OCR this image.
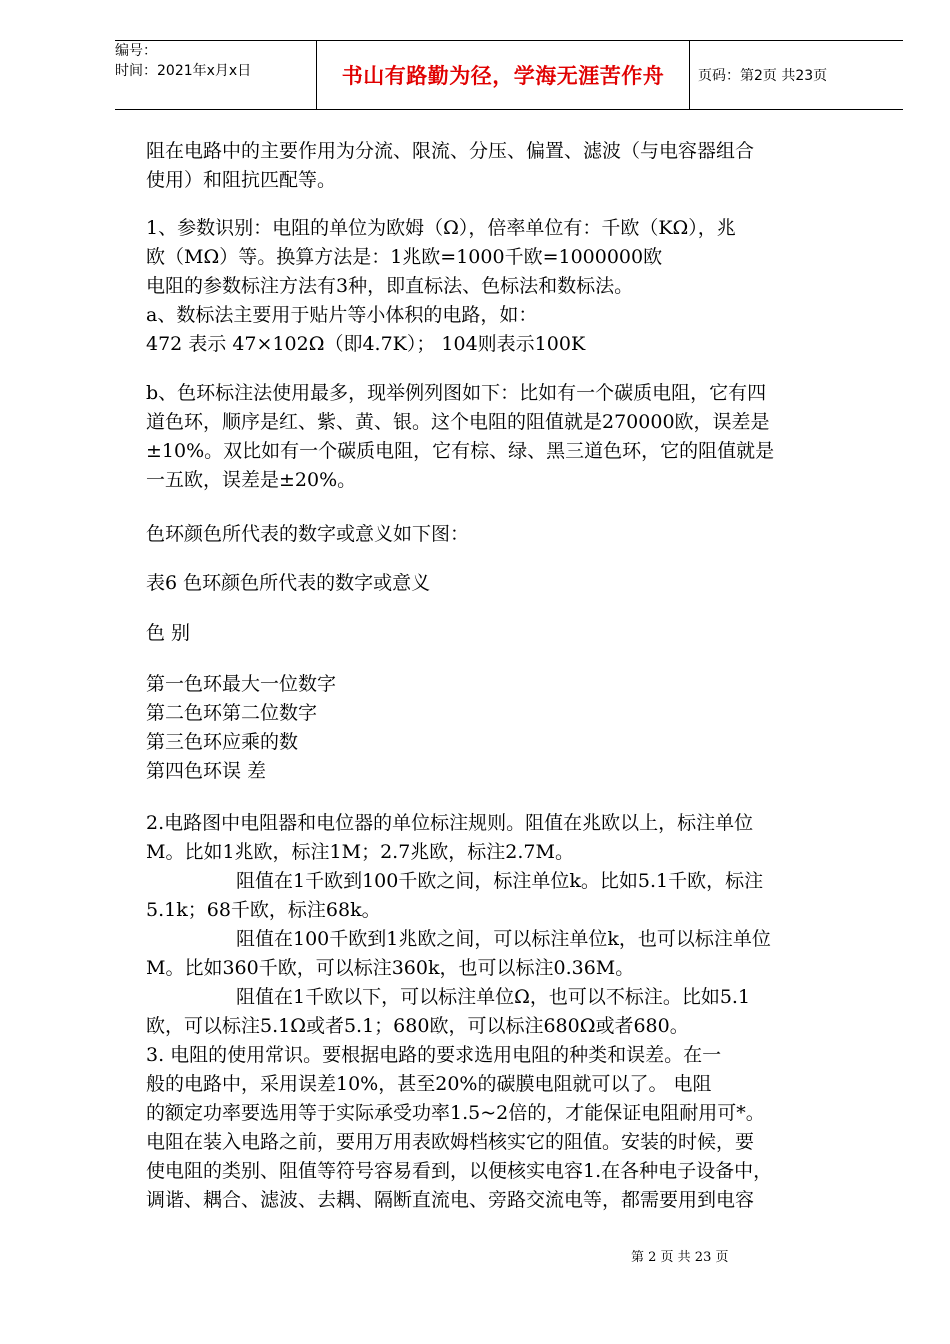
编号：
时间：2021年x月x日	书山有路勤为径，学海无涯苦作舟	页码：第2页 共23页
阻在电路中的主要作用为分流、限流、分压、偏置、滤波（与电容器组合
使用）和阻抗匹配等。
1、参数识别：电阻的单位为欧姆（Ω），倍率单位有：千欧（KΩ），兆
欧（MΩ）等。换算方法是：1兆欧=1000千欧=1000000欧
电阻的参数标注方法有3种，即直标法、色标法和数标法。
a、数标法主要用于贴片等小体积的电路，如：
472 表示 47×102Ω（即4.7K）； 104则表示100K
b、色环标注法使用最多，现举例列图如下：比如有一个碳质电阻，它有四
道色环，顺序是红、紫、黄、银。这个电阻的阻值就是270000欧，误差是
±10%。双比如有一个碳质电阻，它有棕、绿、黑三道色环，它的阻值就是
一五欧，误差是±20%。
色环颜色所代表的数字或意义如下图：
表6 色环颜色所代表的数字或意义
色 别
第一色环最大一位数字
第二色环第二位数字
第三色环应乘的数
第四色环误 差
2.电路图中电阻器和电位器的单位标注规则。阻值在兆欧以上，标注单位
M。比如1兆欧，标注1M；2.7兆欧，标注2.7M。
阻值在1千欧到100千欧之间，标注单位k。比如5.1千欧，标注
5.1k；68千欧，标注68k。
阻值在100千欧到1兆欧之间，可以标注单位k，也可以标注单位
M。比如360千欧，可以标注360k，也可以标注0.36M。
阻值在1千欧以下，可以标注单位Ω，也可以不标注。比如5.1
欧，可以标注5.1Ω或者5.1；680欧，可以标注680Ω或者680。
3. 电阻的使用常识。要根据电路的要求选用电阻的种类和误差。在一
般的电路中，采用误差10%，甚至20%的碳膜电阻就可以了。 电阻
的额定功率要选用等于实际承受功率1.5~2倍的，才能保证电阻耐用可*。
电阻在装入电路之前，要用万用表欧姆档核实它的阻值。安装的时候，要
使电阻的类别、阻值等符号容易看到，以便核实电容1.在各种电子设备中，
调谐、耦合、滤波、去耦、隔断直流电、旁路交流电等，都需要用到电容
第 2 页 共 23 页
